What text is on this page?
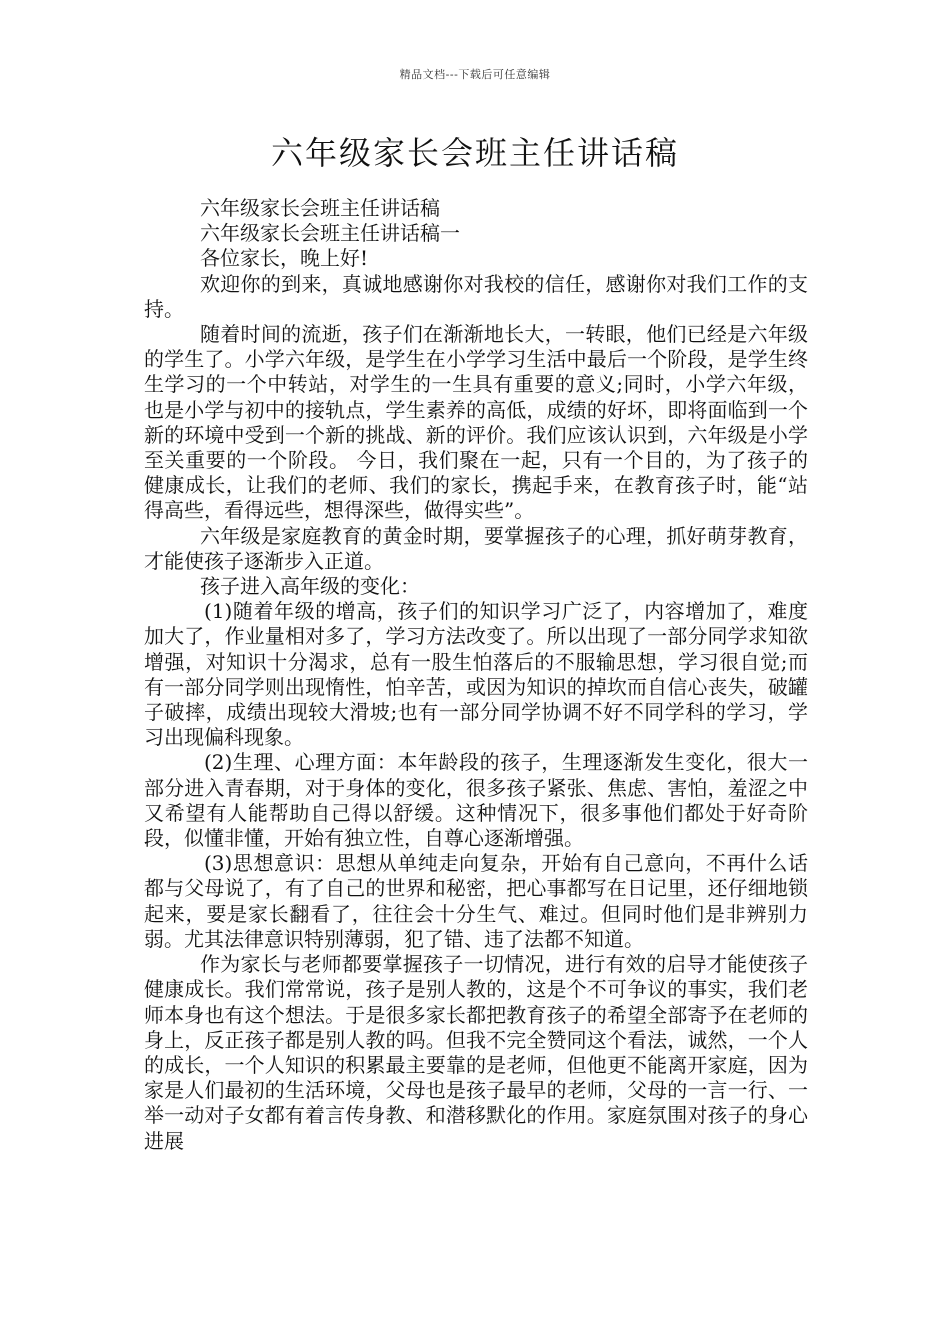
精品文档---下载后可任意编辑
六年级家长会班主任讲话稿

六年级家长会班主任讲话稿

六年级家长会班主任讲话稿一

各位家长，晚上好!

欢迎你的到来，真诚地感谢你对我校的信任，感谢你对我们工作的支持。

随着时间的流逝，孩子们在渐渐地长大，一转眼，他们已经是六年级的学生了。小学六年级，是学生在小学学习生活中最后一个阶段，是学生终生学习的一个中转站，对学生的一生具有重要的意义;同时，小学六年级，也是小学与初中的接轨点，学生素养的高低，成绩的好坏，即将面临到一个新的环境中受到一个新的挑战、新的评价。我们应该认识到，六年级是小学至关重要的一个阶段。 今日，我们聚在一起，只有一个目的，为了孩子的健康成长，让我们的老师、我们的家长，携起手来，在教育孩子时，能“站得高些，看得远些，想得深些，做得实些”。

六年级是家庭教育的黄金时期，要掌握孩子的心理，抓好萌芽教育，才能使孩子逐渐步入正道。

孩子进入高年级的变化：

(1)随着年级的增高，孩子们的知识学习广泛了，内容增加了，难度加大了，作业量相对多了，学习方法改变了。所以出现了一部分同学求知欲增强，对知识十分渴求，总有一股生怕落后的不服输思想，学习很自觉;而有一部分同学则出现惰性，怕辛苦，或因为知识的掉坎而自信心丧失，破罐子破摔，成绩出现较大滑坡;也有一部分同学协调不好不同学科的学习，学习出现偏科现象。

(2)生理、心理方面：本年龄段的孩子，生理逐渐发生变化，很大一部分进入青春期，对于身体的变化，很多孩子紧张、焦虑、害怕，羞涩之中又希望有人能帮助自己得以舒缓。这种情况下，很多事他们都处于好奇阶段，似懂非懂，开始有独立性，自尊心逐渐增强。

(3)思想意识：思想从单纯走向复杂，开始有自己意向，不再什么话都与父母说了，有了自己的世界和秘密，把心事都写在日记里，还仔细地锁起来，要是家长翻看了，往往会十分生气、难过。但同时他们是非辨别力弱。尤其法律意识特别薄弱，犯了错、违了法都不知道。

作为家长与老师都要掌握孩子一切情况，进行有效的启导才能使孩子健康成长。我们常常说，孩子是别人教的，这是个不可争议的事实，我们老师本身也有这个想法。于是很多家长都把教育孩子的希望全部寄予在老师的身上，反正孩子都是别人教的吗。但我不完全赞同这个看法，诚然，一个人的成长，一个人知识的积累最主要靠的是老师，但他更不能离开家庭，因为家是人们最初的生活环境，父母也是孩子最早的老师，父母的一言一行、一举一动对子女都有着言传身教、和潜移默化的作用。家庭氛围对孩子的身心进展
